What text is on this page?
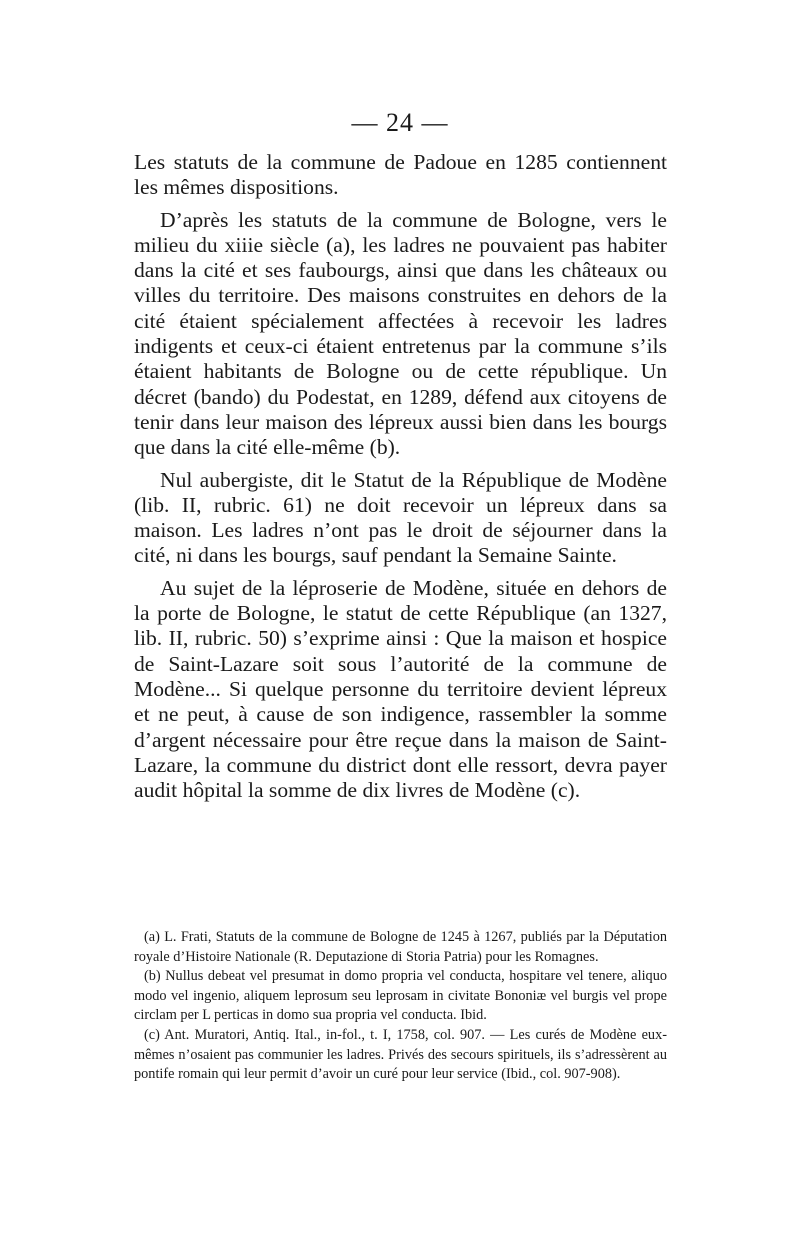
— 24 —

Les statuts de la commune de Padoue en 1285 contiennent les mêmes dispositions.

D’après les statuts de la commune de Bologne, vers le milieu du xiiie siècle (a), les ladres ne pouvaient pas habiter dans la cité et ses faubourgs, ainsi que dans les châteaux ou villes du territoire. Des maisons construites en dehors de la cité étaient spécialement affectées à recevoir les ladres indigents et ceux-ci étaient entretenus par la commune s’ils étaient habitants de Bologne ou de cette république. Un décret (bando) du Podestat, en 1289, défend aux citoyens de tenir dans leur maison des lépreux aussi bien dans les bourgs que dans la cité elle-même (b).

Nul aubergiste, dit le Statut de la République de Modène (lib. II, rubric. 61) ne doit recevoir un lépreux dans sa maison. Les ladres n’ont pas le droit de séjourner dans la cité, ni dans les bourgs, sauf pendant la Semaine Sainte.

Au sujet de la léproserie de Modène, située en dehors de la porte de Bologne, le statut de cette République (an 1327, lib. II, rubric. 50) s’exprime ainsi : Que la maison et hospice de Saint-Lazare soit sous l’autorité de la commune de Modène... Si quelque personne du territoire devient lépreux et ne peut, à cause de son indigence, rassembler la somme d’argent nécessaire pour être reçue dans la maison de Saint-Lazare, la commune du district dont elle ressort, devra payer audit hôpital la somme de dix livres de Modène (c).

(a) L. Frati, Statuts de la commune de Bologne de 1245 à 1267, publiés par la Députation royale d’Histoire Nationale (R. Deputazione di Storia Patria) pour les Romagnes.

(b) Nullus debeat vel presumat in domo propria vel conducta, hospitare vel tenere, aliquo modo vel ingenio, aliquem leprosum seu leprosam in civitate Bononiæ vel burgis vel prope circlam per L perticas in domo sua propria vel conducta. Ibid.

(c) Ant. Muratori, Antiq. Ital., in-fol., t. I, 1758, col. 907. — Les curés de Modène eux-mêmes n’osaient pas communier les ladres. Privés des secours spirituels, ils s’adressèrent au pontife romain qui leur permit d’avoir un curé pour leur service (Ibid., col. 907-908).
